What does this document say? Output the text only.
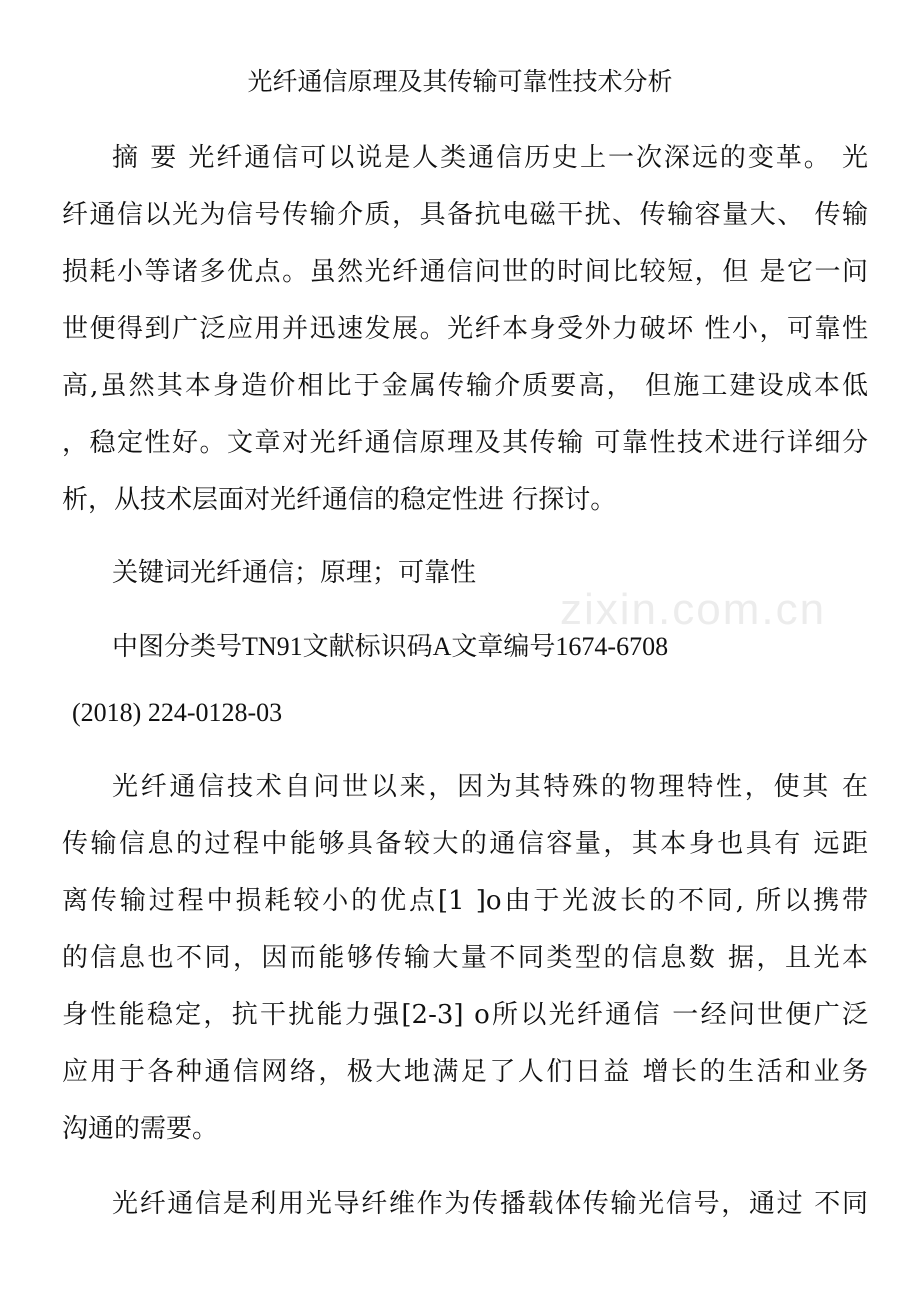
zixin.com.cn
光纤通信原理及其传输可靠性技术分析
摘 要 光纤通信可以说是人类通信历史上一次深远的变革。 光
纤通信以光为信号传输介质，具备抗电磁干扰、传输容量大、 传输
损耗小等诸多优点。虽然光纤通信问世的时间比较短，但 是它一问
世便得到广泛应用并迅速发展。光纤本身受外力破坏 性小，可靠性
高,虽然其本身造价相比于金属传输介质要高， 但施工建设成本低
，稳定性好。文章对光纤通信原理及其传输 可靠性技术进行详细分
析，从技术层面对光纤通信的稳定性进 行探讨。
关键词光纤通信；原理；可靠性
中图分类号TN91文献标识码A文章编号1674-6708
(2018) 224-0128-03
光纤通信技术自问世以来，因为其特殊的物理特性，使其 在
传输信息的过程中能够具备较大的通信容量，其本身也具有 远距
离传输过程中损耗较小的优点[1 ]o由于光波长的不同, 所以携带
的信息也不同，因而能够传输大量不同类型的信息数 据，且光本
身性能稳定，抗干扰能力强[2-3] o所以光纤通信 一经问世便广泛
应用于各种通信网络，极大地满足了人们日益 增长的生活和业务
沟通的需要。
光纤通信是利用光导纤维作为传播载体传输光信号，通过 不同
